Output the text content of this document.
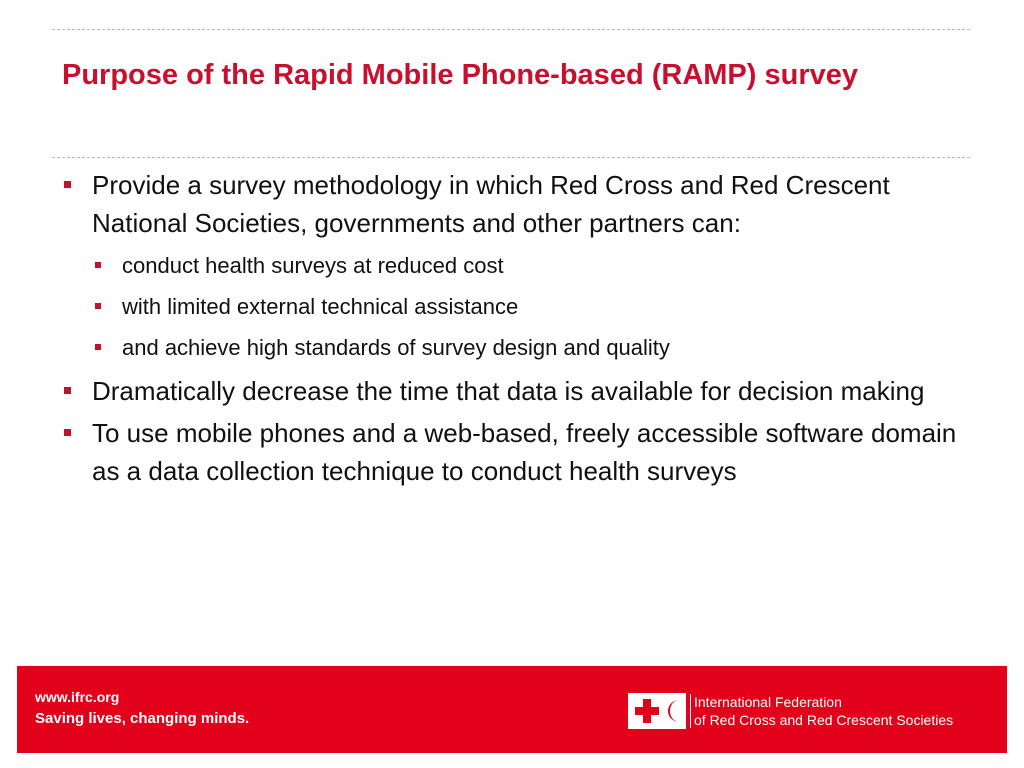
Purpose of the Rapid Mobile Phone-based (RAMP) survey
Provide a survey methodology in which Red Cross and Red Crescent National Societies, governments and other partners can:
conduct health surveys at reduced cost
with limited external technical assistance
and achieve high standards of survey design and quality
Dramatically decrease the time that data is available for decision making
To use mobile phones and a web-based, freely accessible software domain as a data collection technique to conduct health surveys
www.ifrc.org
Saving lives, changing minds.
International Federation
of Red Cross and Red Crescent Societies
